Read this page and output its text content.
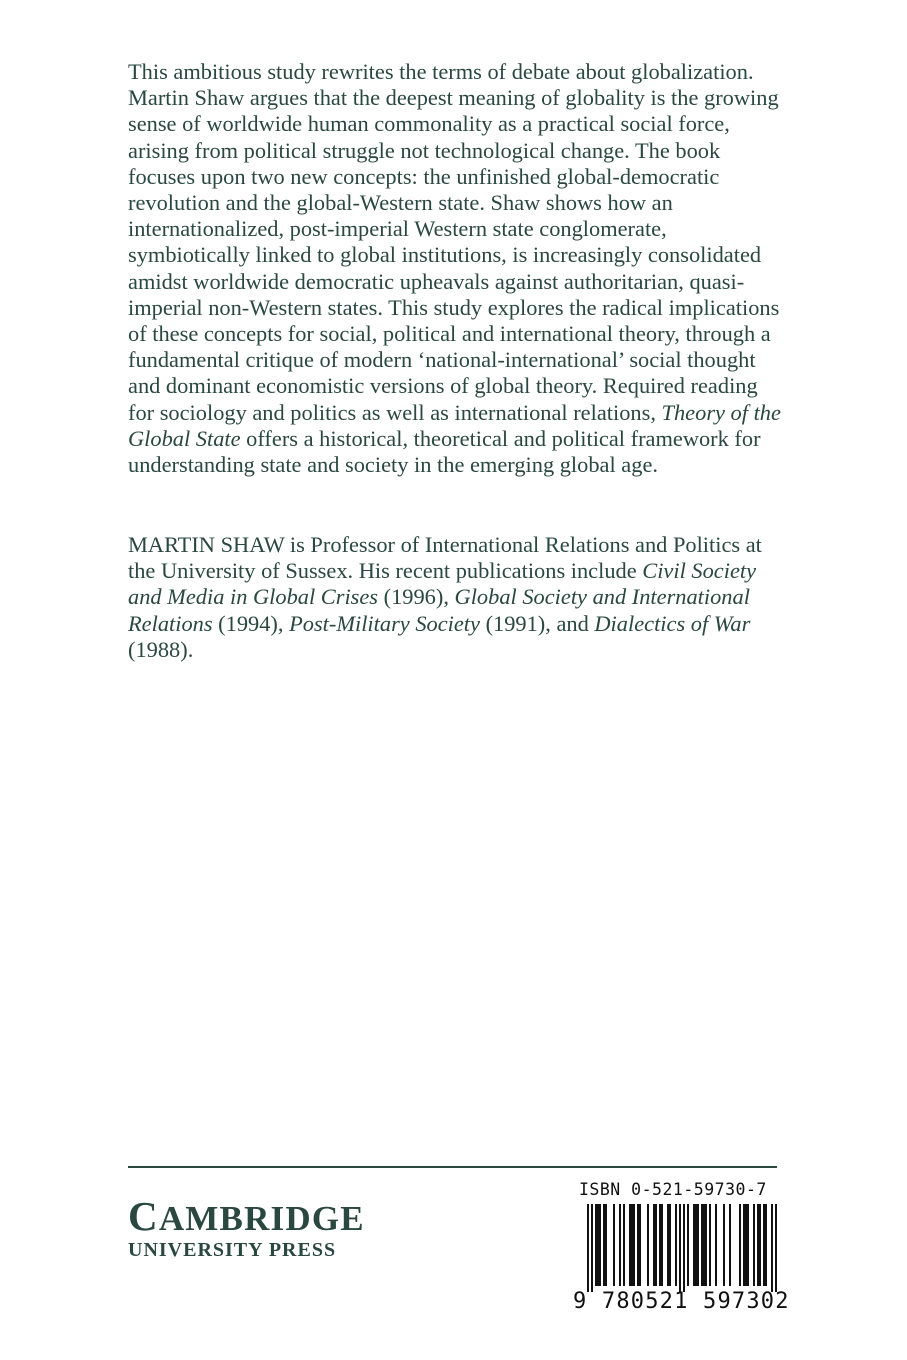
This ambitious study rewrites the terms of debate about globalization. Martin Shaw argues that the deepest meaning of globality is the growing sense of worldwide human commonality as a practical social force, arising from political struggle not technological change. The book focuses upon two new concepts: the unfinished global-democratic revolution and the global-Western state. Shaw shows how an internationalized, post-imperial Western state conglomerate, symbiotically linked to global institutions, is increasingly consolidated amidst worldwide democratic upheavals against authoritarian, quasi-imperial non-Western states. This study explores the radical implications of these concepts for social, political and international theory, through a fundamental critique of modern ‘national-international’ social thought and dominant economistic versions of global theory. Required reading for sociology and politics as well as international relations, Theory of the Global State offers a historical, theoretical and political framework for understanding state and society in the emerging global age.

MARTIN SHAW is Professor of International Relations and Politics at the University of Sussex. His recent publications include Civil Society and Media in Global Crises (1996), Global Society and International Relations (1994), Post-Military Society (1991), and Dialectics of War (1988).

CAMBRIDGE
UNIVERSITY PRESS
ISBN 0-521-59730-7
9 780521 597302
